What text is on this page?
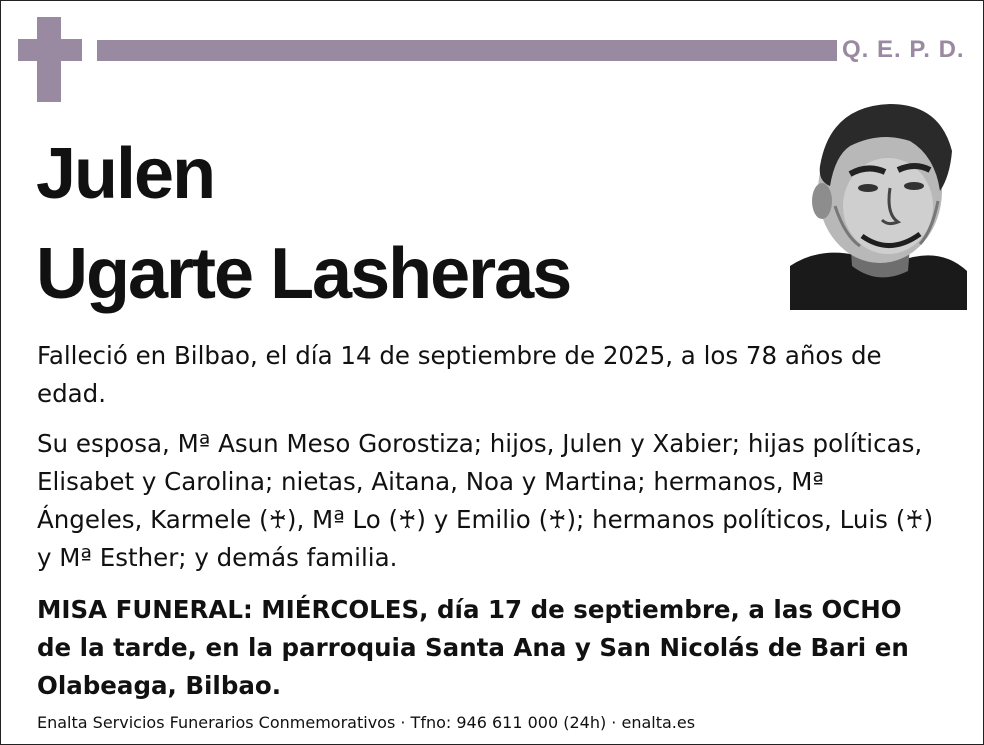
Q. E. P. D.
Julen
Ugarte Lasheras
Falleció en Bilbao, el día 14 de septiembre de 2025, a los 78 años de edad.
Su esposa, Mª Asun Meso Gorostiza; hijos, Julen y Xabier; hijas políticas, Elisabet y Carolina; nietas, Aitana, Noa y Martina; hermanos, Mª Ángeles, Karmele (♰), Mª Lo (♰) y Emilio (♰); hermanos políticos, Luis (♰) y Mª Esther; y demás familia.
MISA FUNERAL: MIÉRCOLES, día 17 de septiembre, a las OCHO de la tarde, en la parroquia Santa Ana y San Nicolás de Bari en Olabeaga, Bilbao.
Enalta Servicios Funerarios Conmemorativos · Tfno: 946 611 000 (24h) · enalta.es
